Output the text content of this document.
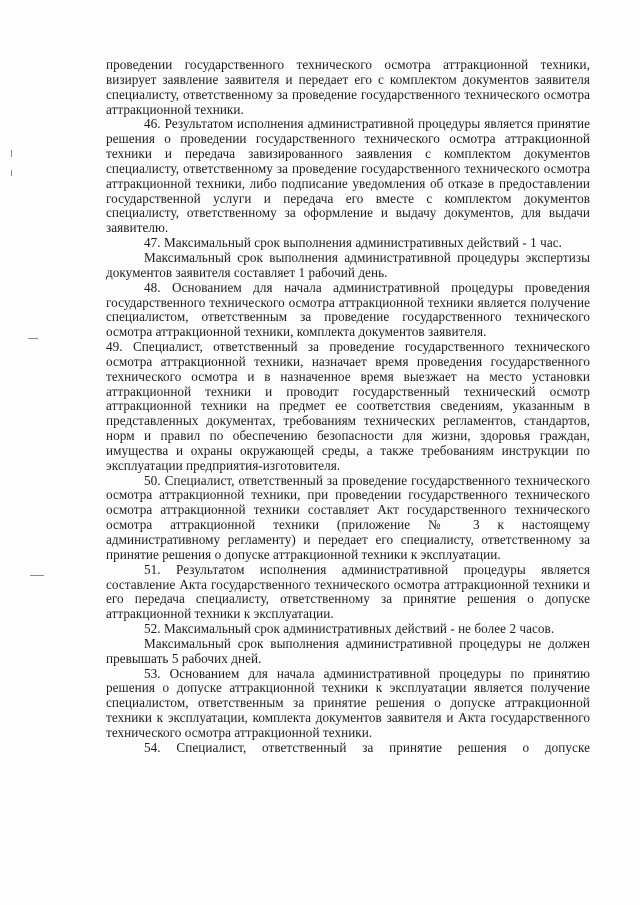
проведении государственного технического осмотра аттракционной техники, визирует заявление заявителя и передает его с комплектом документов заявителя специалисту, ответственному за проведение государственного технического осмотра аттракционной техники.

46. Результатом исполнения административной процедуры является принятие решения о проведении государственного технического осмотра аттракционной техники и передача завизированного заявления с комплектом документов специалисту, ответственному за проведение государственного технического осмотра аттракционной техники, либо подписание уведомления об отказе в предоставлении государственной услуги и передача его вместе с комплектом документов специалисту, ответственному за оформление и выдачу документов, для выдачи заявителю.

47. Максимальный срок выполнения административных действий - 1 час.

Максимальный срок выполнения административной процедуры экспертизы документов заявителя составляет 1 рабочий день.

48. Основанием для начала административной процедуры проведения государственного технического осмотра аттракционной техники является получение специалистом, ответственным за проведение государственного технического осмотра аттракционной техники, комплекта документов заявителя.

49. Специалист, ответственный за проведение государственного технического осмотра аттракционной техники, назначает время проведения государственного технического осмотра и в назначенное время выезжает на место установки аттракционной техники и проводит государственный технический осмотр аттракционной техники на предмет ее соответствия сведениям, указанным в представленных документах, требованиям технических регламентов, стандартов, норм и правил по обеспечению безопасности для жизни, здоровья граждан, имущества и охраны окружающей среды, а также требованиям инструкции по эксплуатации предприятия-изготовителя.

50. Специалист, ответственный за проведение государственного технического осмотра аттракционной техники, при проведении государственного технического осмотра аттракционной техники составляет Акт государственного технического осмотра аттракционной техники (приложение № 3 к настоящему административному регламенту) и передает его специалисту, ответственному за принятие решения о допуске аттракционной техники к эксплуатации.

51. Результатом исполнения административной процедуры является составление Акта государственного технического осмотра аттракционной техники и его передача специалисту, ответственному за принятие решения о допуске аттракционной техники к эксплуатации.

52. Максимальный срок административных действий - не более 2 часов.

Максимальный срок выполнения административной процедуры не должен превышать 5 рабочих дней.

53. Основанием для начала административной процедуры по принятию решения о допуске аттракционной техники к эксплуатации является получение специалистом, ответственным за принятие решения о допуске аттракционной техники к эксплуатации, комплекта документов заявителя и Акта государственного технического осмотра аттракционной техники.

54. Специалист, ответственный за принятие решения о допуске
